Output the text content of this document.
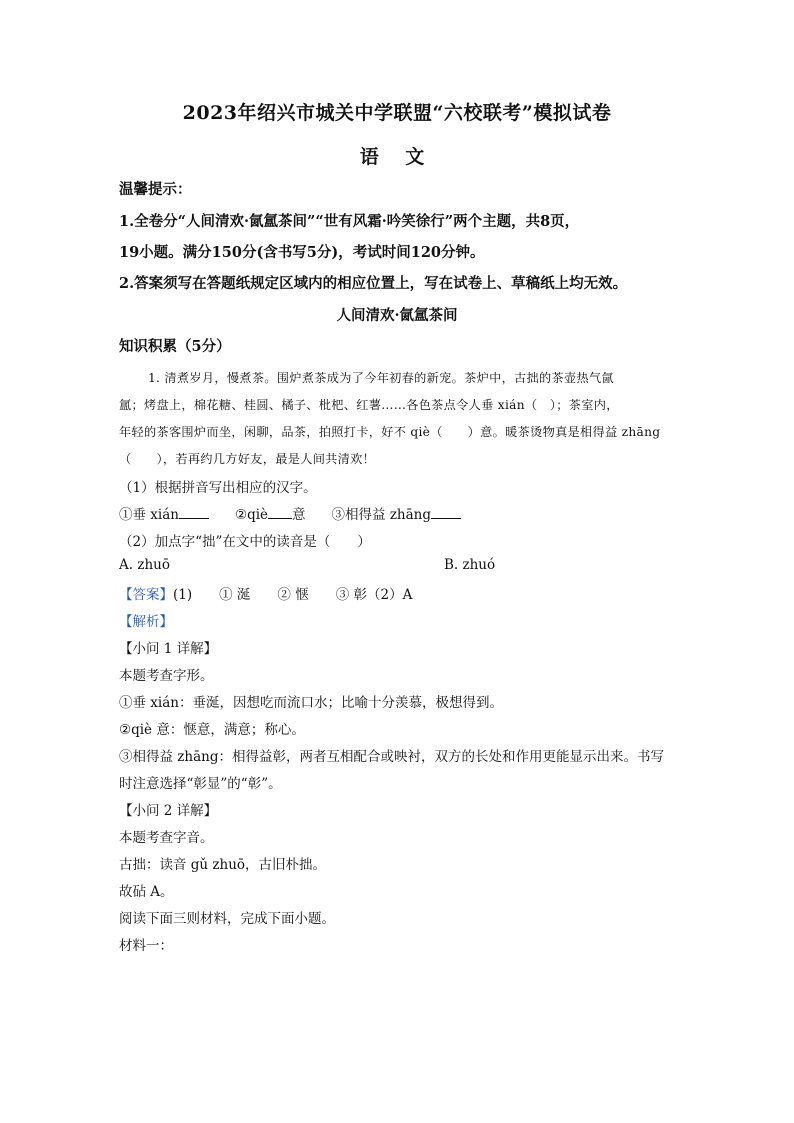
2023年绍兴市城关中学联盟“六校联考”模拟试卷
语 文
温馨提示：
1.全卷分“人间清欢·氤氲茶间”“世有风霜·吟笑徐行”两个主题，共8页，
19小题。满分150分(含书写5分)，考试时间120分钟。
2.答案须写在答题纸规定区域内的相应位置上，写在试卷上、草稿纸上均无效。
人间清欢·氤氲茶间
知识积累（5分）
1. 清煮岁月，慢煮茶。围炉煮茶成为了今年初春的新宠。茶炉中，古拙的茶壶热气氤
氲；烤盘上，棉花糖、桂圆、橘子、枇杷、红薯……各色茶点令人垂 xián（　）；茶室内，
年轻的茶客围炉而坐，闲聊，品茶，拍照打卡，好不 qiè（　　）意。暖茶烫物真是相得益 zhāng
（　　），若再约几方好友，最是人间共清欢！
（1）根据拼音写出相应的汉字。
①垂 xián	②qiè 意 ③相得益 zhāng
（2）加点字“拙”在文中的读音是（　　）
A. zhuō	B. zhuó
【答案】(1)　　① 涎　　② 惬　　③ 彰（2）A
【解析】
【小问 1 详解】
本题考查字形。
①垂 xián：垂涎，因想吃而流口水；比喻十分羡慕，极想得到。
②qiè 意：惬意，满意；称心。
③相得益 zhāng：相得益彰，两者互相配合或映衬，双方的长处和作用更能显示出来。书写
时注意选择“彰显”的“彰”。
【小问 2 详解】
本题考查字音。
古拙：读音 gǔ zhuō，古旧朴拙。
故砧 A。
阅读下面三则材料，完成下面小题。
材料一：
